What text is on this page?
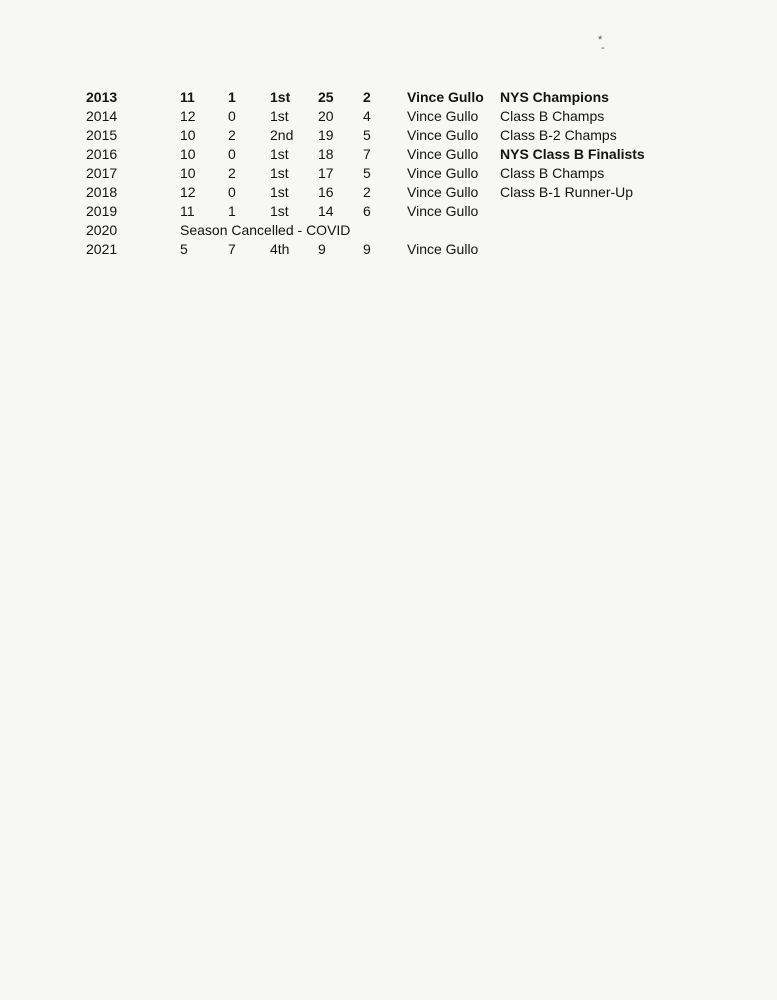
*
-
2013	11	1	1st	25	2	Vince Gullo	NYS Champions
2014	12	0	1st	20	4	Vince Gullo	Class B Champs
2015	10	2	2nd	19	5	Vince Gullo	Class B-2 Champs
2016	10	0	1st	18	7	Vince Gullo	NYS Class B Finalists
2017	10	2	1st	17	5	Vince Gullo	Class B Champs
2018	12	0	1st	16	2	Vince Gullo	Class B-1 Runner-Up
2019	11	1	1st	14	6	Vince Gullo	
2020	Season Cancelled - COVID						
2021	5	7	4th	9	9	Vince Gullo	
